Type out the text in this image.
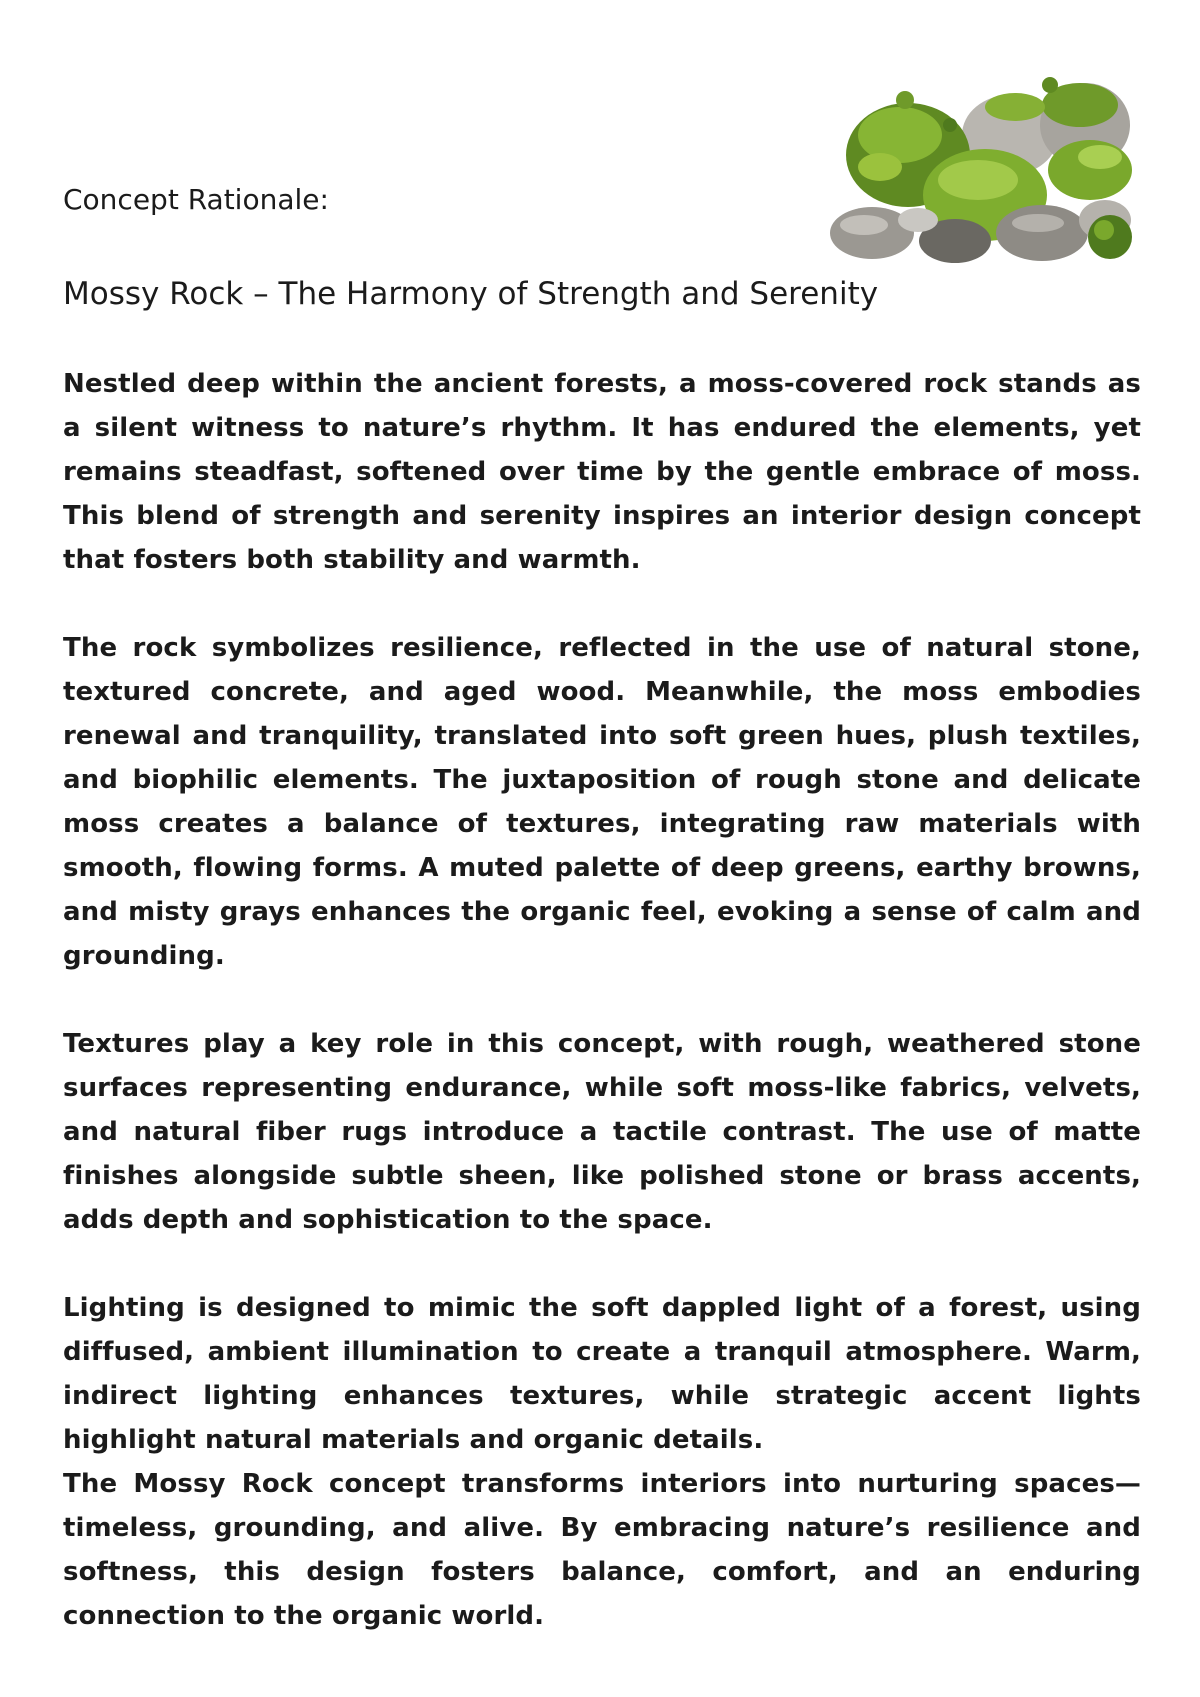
Concept Rationale:
Mossy Rock – The Harmony of Strength and Serenity

Nestled deep within the ancient forests, a moss-covered rock stands as a silent witness to nature’s rhythm. It has endured the elements, yet remains steadfast, softened over time by the gentle embrace of moss. This blend of strength and serenity inspires an interior design concept that fosters both stability and warmth.

The rock symbolizes resilience, reflected in the use of natural stone, textured concrete, and aged wood. Meanwhile, the moss embodies renewal and tranquility, translated into soft green hues, plush textiles, and biophilic elements. The juxtaposition of rough stone and delicate moss creates a balance of textures, integrating raw materials with smooth, flowing forms. A muted palette of deep greens, earthy browns, and misty grays enhances the organic feel, evoking a sense of calm and grounding.

Textures play a key role in this concept, with rough, weathered stone surfaces representing endurance, while soft moss-like fabrics, velvets, and natural fiber rugs introduce a tactile contrast. The use of matte finishes alongside subtle sheen, like polished stone or brass accents, adds depth and sophistication to the space.

Lighting is designed to mimic the soft dappled light of a forest, using diffused, ambient illumination to create a tranquil atmosphere. Warm, indirect lighting enhances textures, while strategic accent lights highlight natural materials and organic details.

The Mossy Rock concept transforms interiors into nurturing spaces—timeless, grounding, and alive. By embracing nature’s resilience and softness, this design fosters balance, comfort, and an enduring connection to the organic world.
